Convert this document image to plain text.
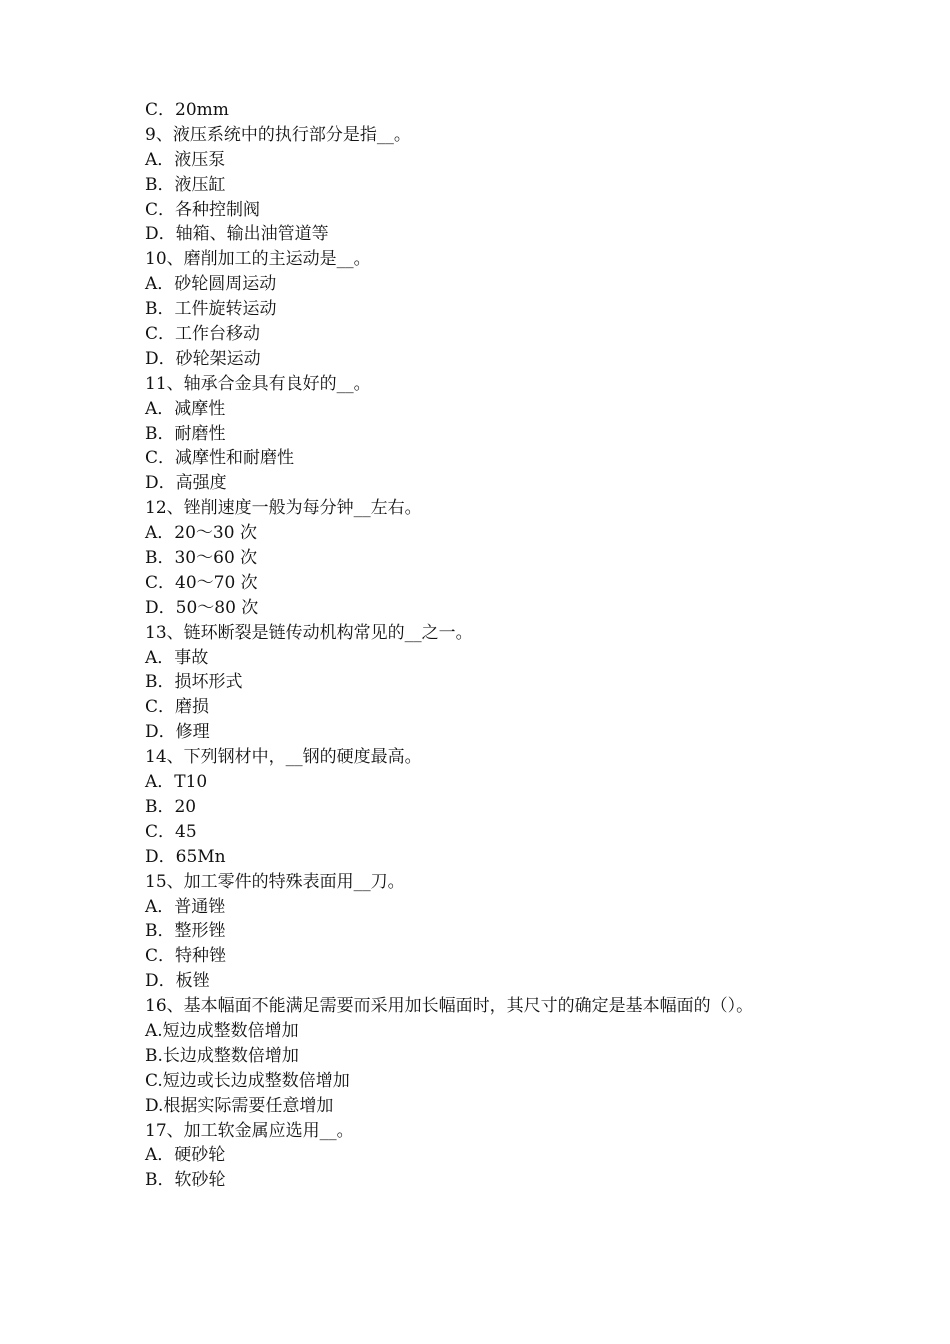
C．20mm
9、液压系统中的执行部分是指__。
A．液压泵
B．液压缸
C．各种控制阀
D．轴箱、输出油管道等
10、磨削加工的主运动是__。
A．砂轮圆周运动
B．工件旋转运动
C．工作台移动
D．砂轮架运动
11、轴承合金具有良好的__。
A．减摩性
B．耐磨性
C．减摩性和耐磨性
D．高强度
12、锉削速度一般为每分钟__左右。
A．20～30 次
B．30～60 次
C．40～70 次
D．50～80 次
13、链环断裂是链传动机构常见的__之一。
A．事故
B．损坏形式
C．磨损
D．修理
14、下列钢材中，__钢的硬度最高。
A．T10
B．20
C．45
D．65Mn
15、加工零件的特殊表面用__刀。
A．普通锉
B．整形锉
C．特种锉
D．板锉
16、基本幅面不能满足需要而采用加长幅面时，其尺寸的确定是基本幅面的（）。
A.短边成整数倍增加
B.长边成整数倍增加
C.短边或长边成整数倍增加
D.根据实际需要任意增加
17、加工软金属应选用__。
A．硬砂轮
B．软砂轮
